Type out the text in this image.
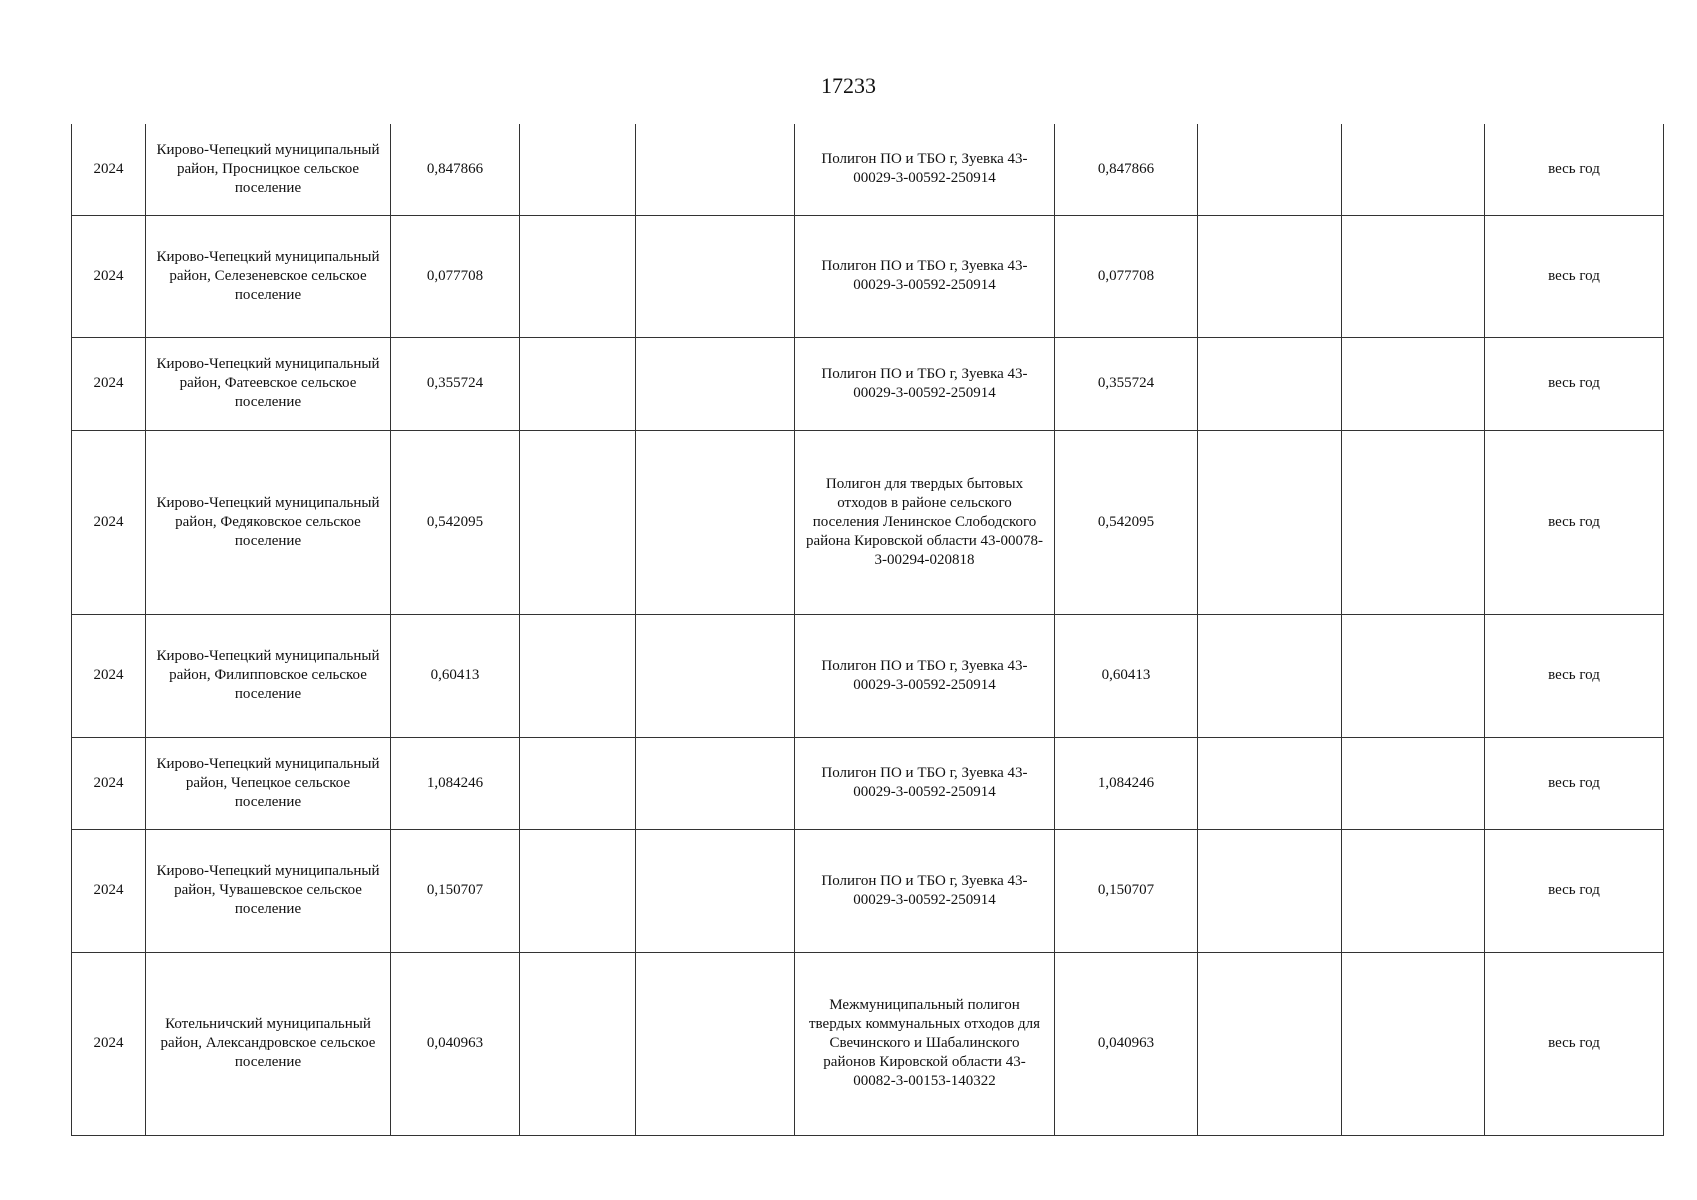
17233
2024	Кирово-Чепецкий муниципальный район, Просницкое сельское поселение	0,847866			Полигон ПО и ТБО г, Зуевка 43-00029-3-00592-250914	0,847866			весь год
2024	Кирово-Чепецкий муниципальный район, Селезеневское сельское поселение	0,077708			Полигон ПО и ТБО г, Зуевка 43-00029-3-00592-250914	0,077708			весь год
2024	Кирово-Чепецкий муниципальный район, Фатеевское сельское поселение	0,355724			Полигон ПО и ТБО г, Зуевка 43-00029-3-00592-250914	0,355724			весь год
2024	Кирово-Чепецкий муниципальный район, Федяковское сельское поселение	0,542095			Полигон для твердых бытовых отходов в районе сельского поселения Ленинское Слободского района Кировской области 43-00078-3-00294-020818	0,542095			весь год
2024	Кирово-Чепецкий муниципальный район, Филипповское сельское поселение	0,60413			Полигон ПО и ТБО г, Зуевка 43-00029-3-00592-250914	0,60413			весь год
2024	Кирово-Чепецкий муниципальный район, Чепецкое сельское поселение	1,084246			Полигон ПО и ТБО г, Зуевка 43-00029-3-00592-250914	1,084246			весь год
2024	Кирово-Чепецкий муниципальный район, Чувашевское сельское поселение	0,150707			Полигон ПО и ТБО г, Зуевка 43-00029-3-00592-250914	0,150707			весь год
2024	Котельничский муниципальный район, Александровское сельское поселение	0,040963			Межмуниципальный полигон твердых коммунальных отходов для Свечинского и Шабалинского районов Кировской области 43-00082-3-00153-140322	0,040963			весь год
